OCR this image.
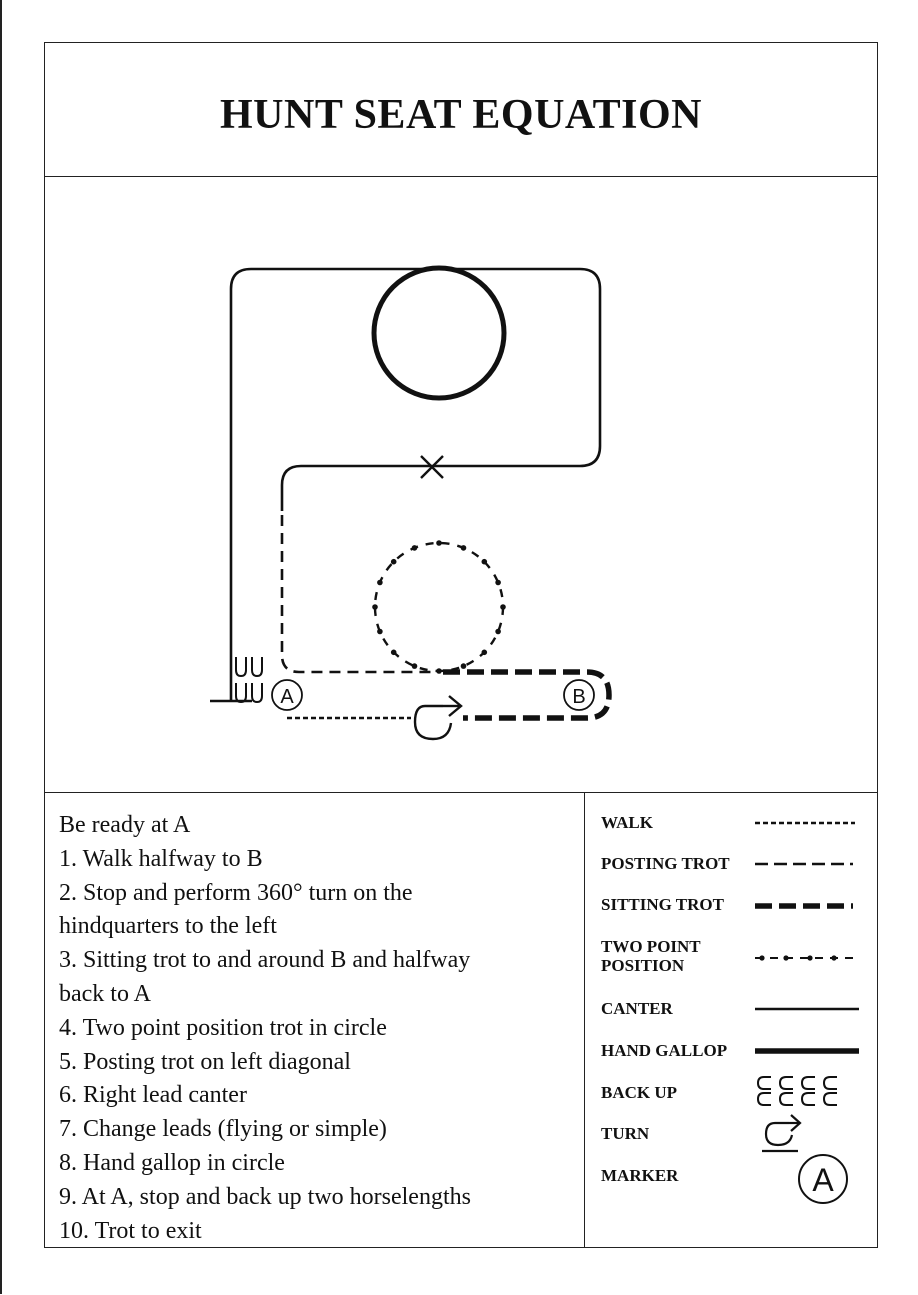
HUNT SEAT EQUATION
A	B
Be ready at A
1. Walk halfway to B
2. Stop and perform 360° turn on the
hindquarters to the left
3. Sitting trot to and around B and halfway
back to A
4. Two point position trot in circle
5. Posting trot on left diagonal
6. Right lead canter
7. Change leads (flying or simple)
8. Hand gallop in circle
9. At A, stop and back up two horselengths
10. Trot to exit
WALK
POSTING TROT
SITTING TROT
TWO POINT
POSITION
CANTER
HAND GALLOP
BACK UP
TURN
MARKER	A
